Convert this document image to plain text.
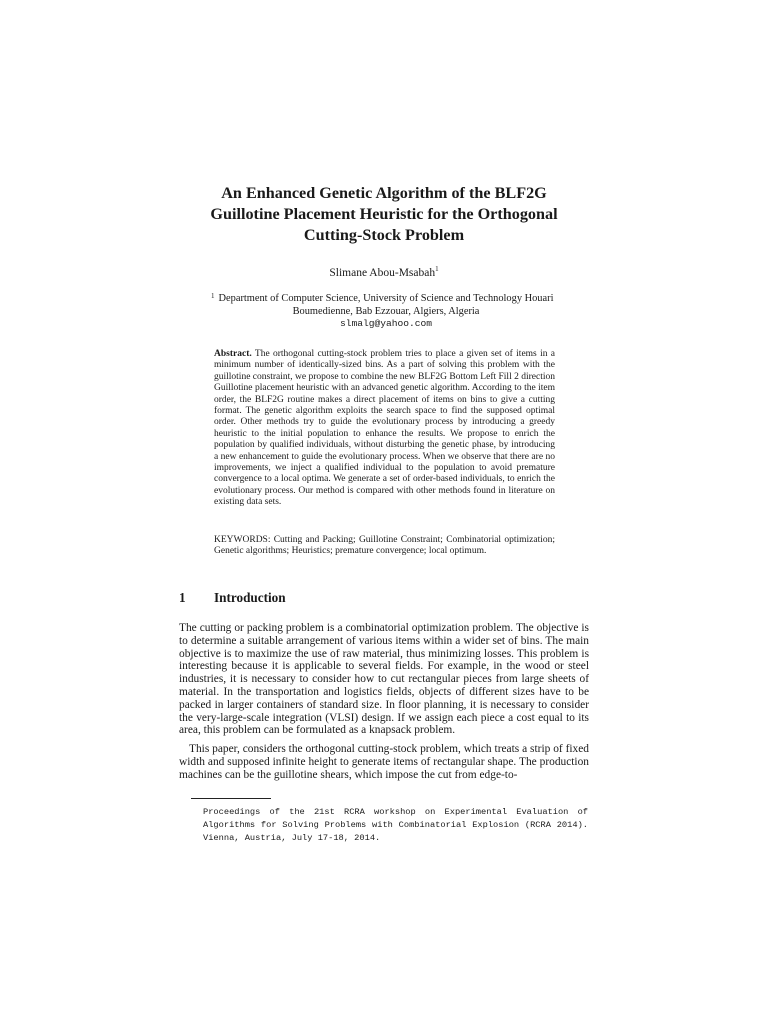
An Enhanced Genetic Algorithm of the BLF2G
Guillotine Placement Heuristic for the Orthogonal
Cutting-Stock Problem
Slimane Abou-Msabah$^1$
1 Department of Computer Science, University of Science and Technology Houari
Boumedienne, Bab Ezzouar, Algiers, Algeria
slmalg@yahoo.com
Abstract. The orthogonal cutting-stock problem tries to place a given set of items in a minimum number of identically-sized bins. As a part of solving this problem with the guillotine constraint, we propose to combine the new BLF2G Bottom Left Fill 2 direction Guillotine placement heuristic with an advanced genetic algorithm. According to the item order, the BLF2G routine makes a direct placement of items on bins to give a cutting format. The genetic algorithm exploits the search space to find the supposed optimal order. Other methods try to guide the evolutionary process by introducing a greedy heuristic to the initial population to enhance the results. We propose to enrich the population by qualified individuals, without disturbing the genetic phase, by introducing a new enhancement to guide the evolutionary process. When we observe that there are no improvements, we inject a qualified individual to the population to avoid premature convergence to a local optima. We generate a set of order-based individuals, to enrich the evolutionary process. Our method is compared with other methods found in literature on existing data sets.
KEYWORDS: Cutting and Packing; Guillotine Constraint; Combinatorial optimization; Genetic algorithms; Heuristics; premature convergence; local optimum.
1 Introduction
The cutting or packing problem is a combinatorial optimization problem. The objective is to determine a suitable arrangement of various items within a wider set of bins. The main objective is to maximize the use of raw material, thus minimizing losses. This problem is interesting because it is applicable to several fields. For example, in the wood or steel industries, it is necessary to consider how to cut rectangular pieces from large sheets of material. In the transportation and logistics fields, objects of different sizes have to be packed in larger containers of standard size. In floor planning, it is necessary to consider the very-large-scale integration (VLSI) design. If we assign each piece a cost equal to its area, this problem can be formulated as a knapsack problem.
This paper, considers the orthogonal cutting-stock problem, which treats a strip of fixed width and supposed infinite height to generate items of rectangular shape. The production machines can be the guillotine shears, which impose the cut from edge-to-
Proceedings of the 21st RCRA workshop on Experimental Evaluation of Algorithms for Solving Problems with Combinatorial Explosion (RCRA 2014). Vienna, Austria, July 17-18, 2014.
